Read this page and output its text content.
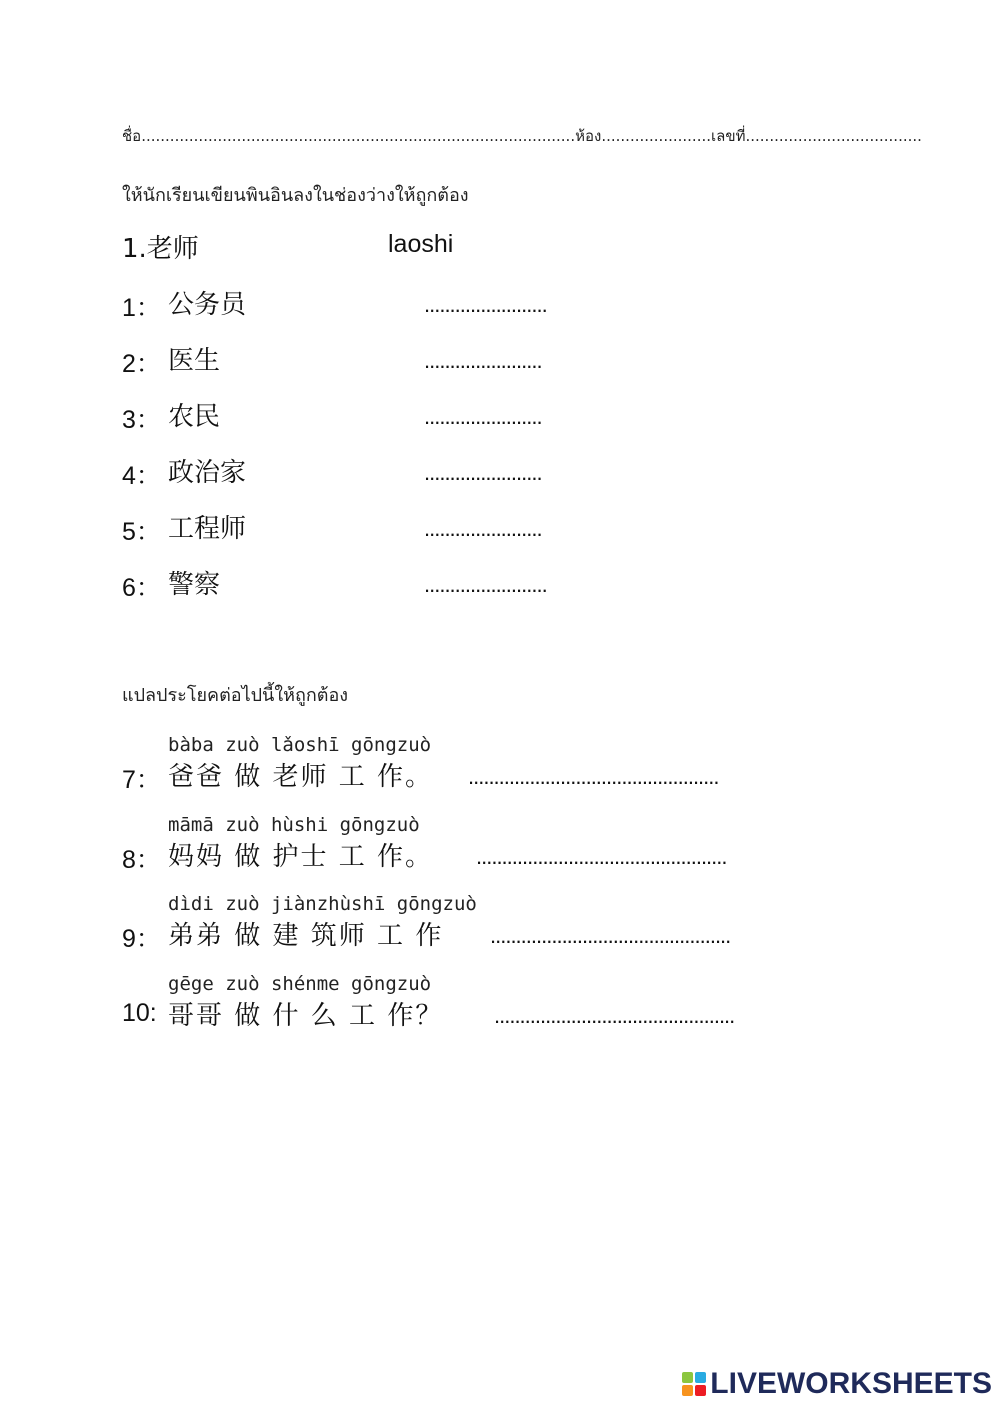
ชื่อ...........................................................................................ห้อง.......................เลขที่.....................................
ให้นักเรียนเขียนพินอินลงในช่องว่างให้ถูกต้อง
1.老师	laoshi
1： 公务员	........................
2： 医生	.......................
3： 农民	.......................
4： 政治家	.......................
5： 工程师	.......................
6： 警察	........................
แปลประโยคต่อไปนี้ให้ถูกต้อง
bàba zuò lǎoshī gōngzuò
7： 爸爸 做 老师 工 作。 .................................................
māmā zuò hùshi gōngzuò
8： 妈妈 做 护士 工 作。 .................................................
dìdi zuò jiànzhùshī gōngzuò
9： 弟弟 做 建 筑师 工 作 ...............................................
gēge zuò shénme gōngzuò
10: 哥哥 做 什 么 工 作？ ...............................................
LIVEWORKSHEETS
